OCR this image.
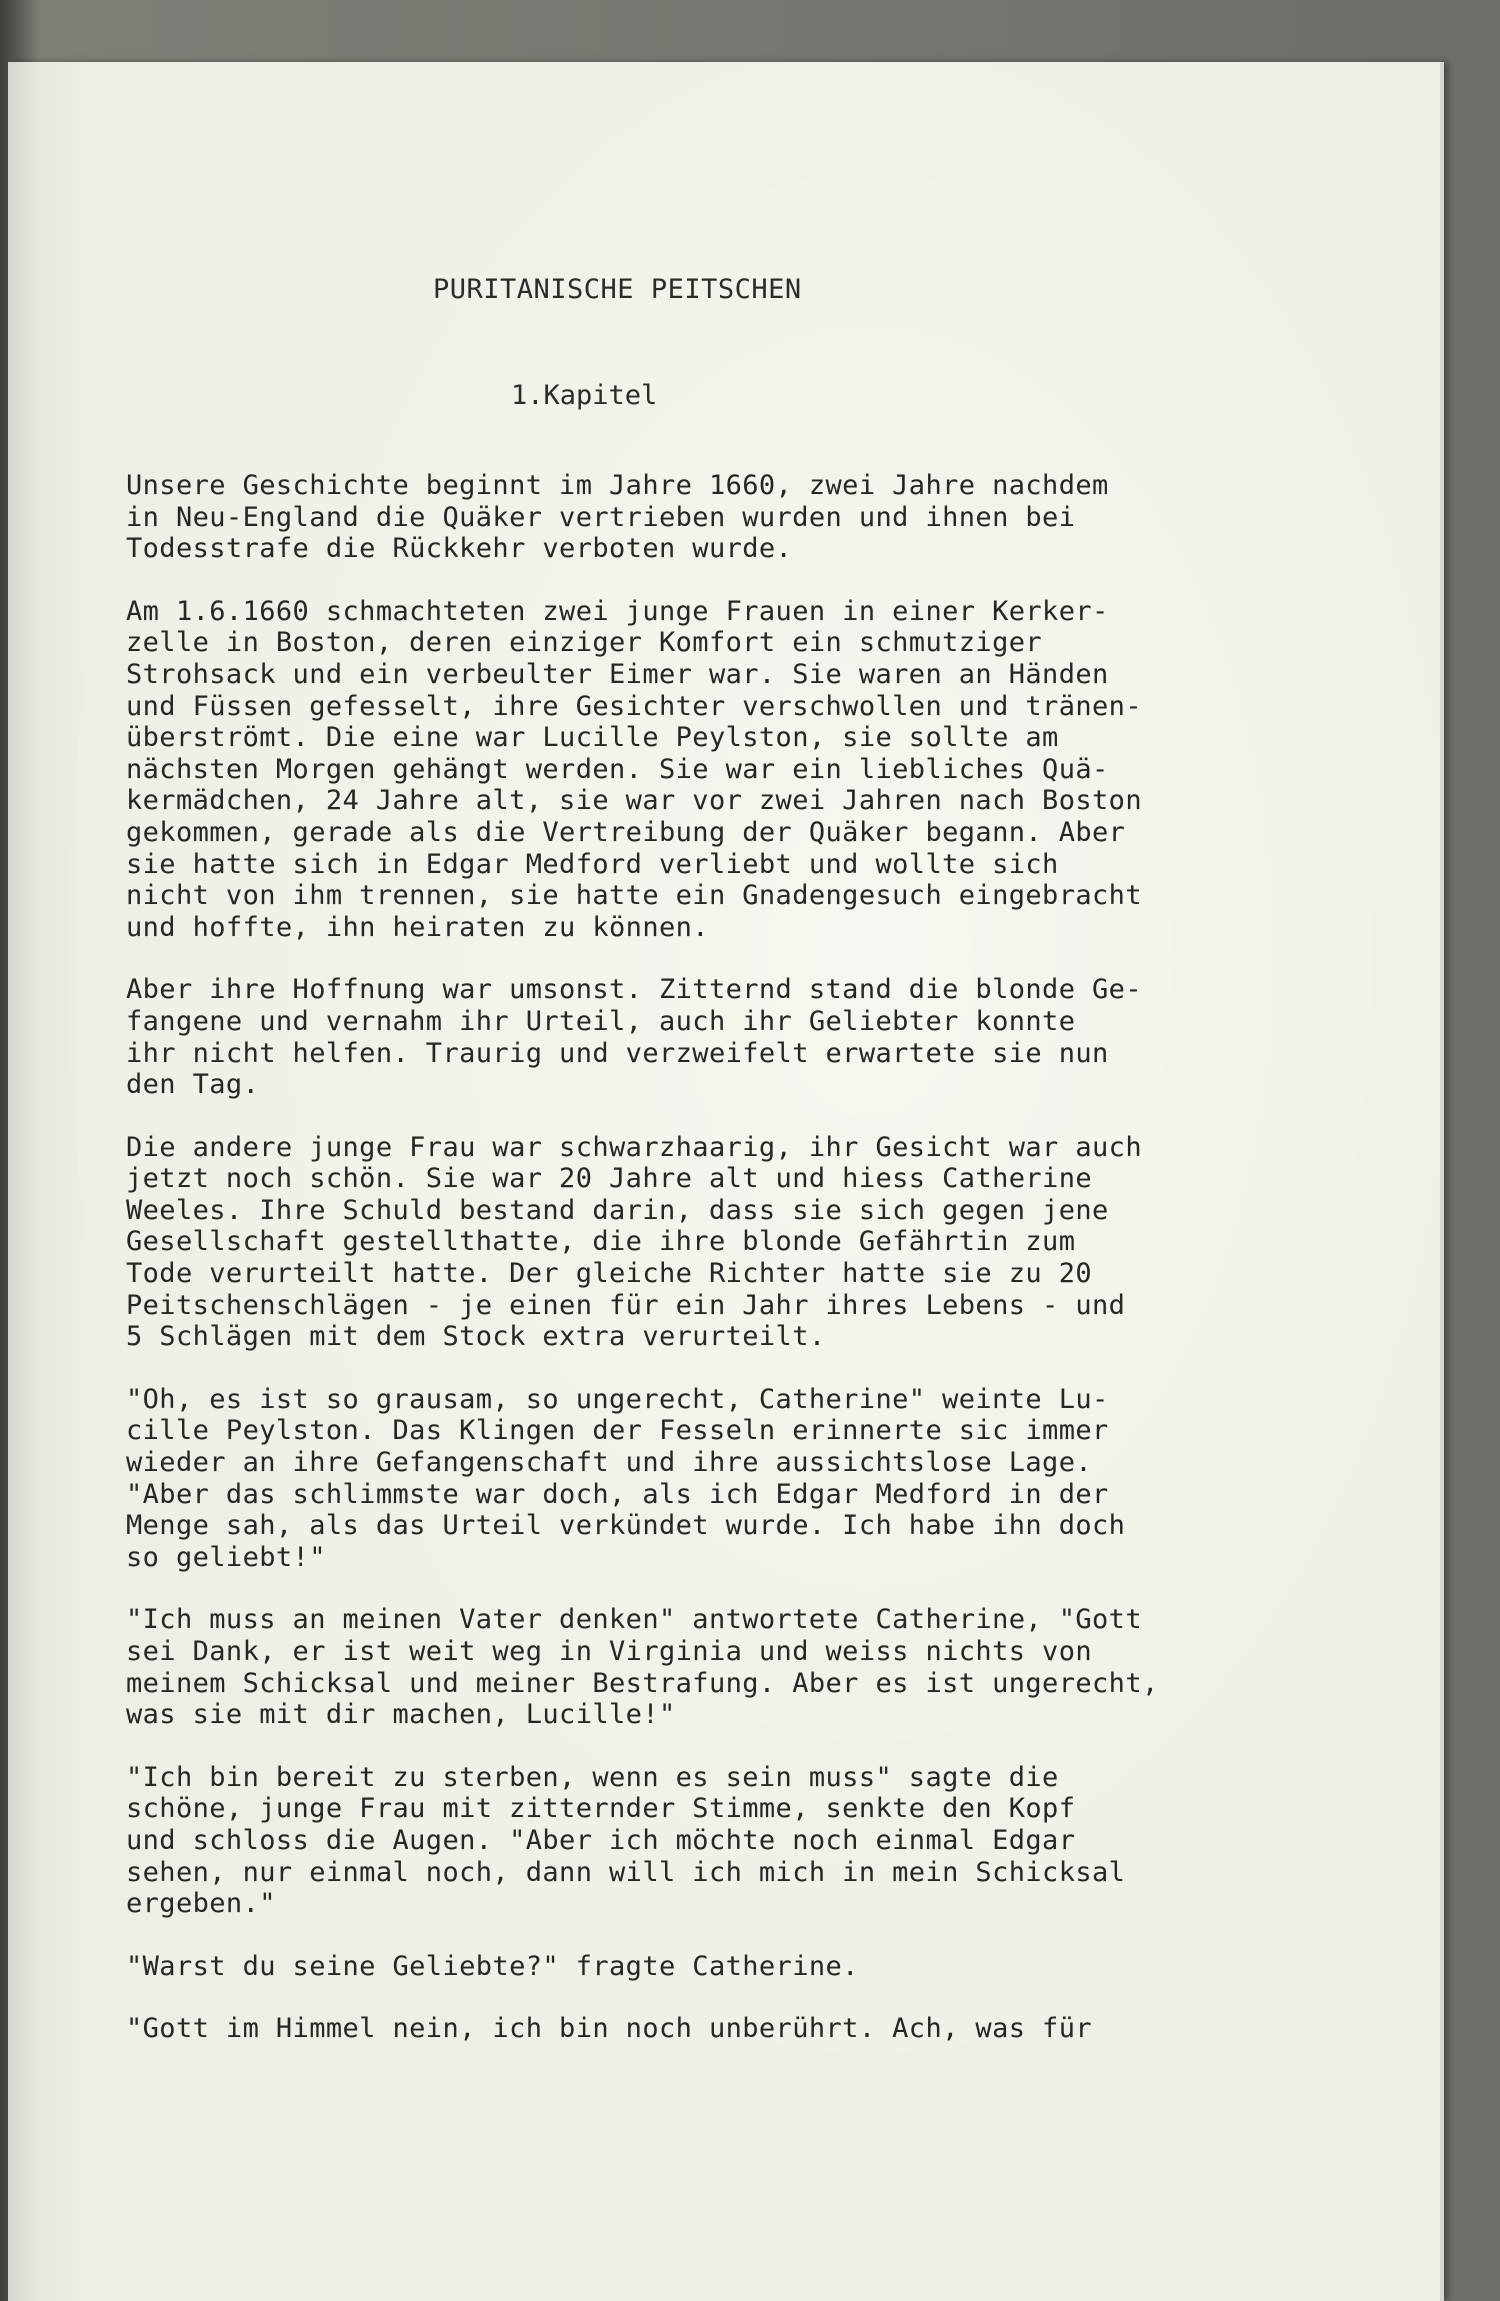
PURITANISCHE PEITSCHEN
1.Kapitel
Unsere Geschichte beginnt im Jahre 1660, zwei Jahre nachdem
in Neu-England die Quäker vertrieben wurden und ihnen bei
Todesstrafe die Rückkehr verboten wurde.
Am 1.6.1660 schmachteten zwei junge Frauen in einer Kerker-
zelle in Boston, deren einziger Komfort ein schmutziger
Strohsack und ein verbeulter Eimer war. Sie waren an Händen
und Füssen gefesselt, ihre Gesichter verschwollen und tränen-
überströmt. Die eine war Lucille Peylston, sie sollte am
nächsten Morgen gehängt werden. Sie war ein liebliches Quä-
kermädchen, 24 Jahre alt, sie war vor zwei Jahren nach Boston
gekommen, gerade als die Vertreibung der Quäker begann. Aber
sie hatte sich in Edgar Medford verliebt und wollte sich
nicht von ihm trennen, sie hatte ein Gnadengesuch eingebracht
und hoffte, ihn heiraten zu können.
Aber ihre Hoffnung war umsonst. Zitternd stand die blonde Ge-
fangene und vernahm ihr Urteil, auch ihr Geliebter konnte
ihr nicht helfen. Traurig und verzweifelt erwartete sie nun
den Tag.
Die andere junge Frau war schwarzhaarig, ihr Gesicht war auch
jetzt noch schön. Sie war 20 Jahre alt und hiess Catherine
Weeles. Ihre Schuld bestand darin, dass sie sich gegen jene
Gesellschaft gestellthatte, die ihre blonde Gefährtin zum
Tode verurteilt hatte. Der gleiche Richter hatte sie zu 20
Peitschenschlägen - je einen für ein Jahr ihres Lebens - und
5 Schlägen mit dem Stock extra verurteilt.
"Oh, es ist so grausam, so ungerecht, Catherine" weinte Lu-
cille Peylston. Das Klingen der Fesseln erinnerte sic immer
wieder an ihre Gefangenschaft und ihre aussichtslose Lage.
"Aber das schlimmste war doch, als ich Edgar Medford in der
Menge sah, als das Urteil verkündet wurde. Ich habe ihn doch
so geliebt!"
"Ich muss an meinen Vater denken" antwortete Catherine, "Gott
sei Dank, er ist weit weg in Virginia und weiss nichts von
meinem Schicksal und meiner Bestrafung. Aber es ist ungerecht,
was sie mit dir machen, Lucille!"
"Ich bin bereit zu sterben, wenn es sein muss" sagte die
schöne, junge Frau mit zitternder Stimme, senkte den Kopf
und schloss die Augen. "Aber ich möchte noch einmal Edgar
sehen, nur einmal noch, dann will ich mich in mein Schicksal
ergeben."
"Warst du seine Geliebte?" fragte Catherine.
"Gott im Himmel nein, ich bin noch unberührt. Ach, was für
